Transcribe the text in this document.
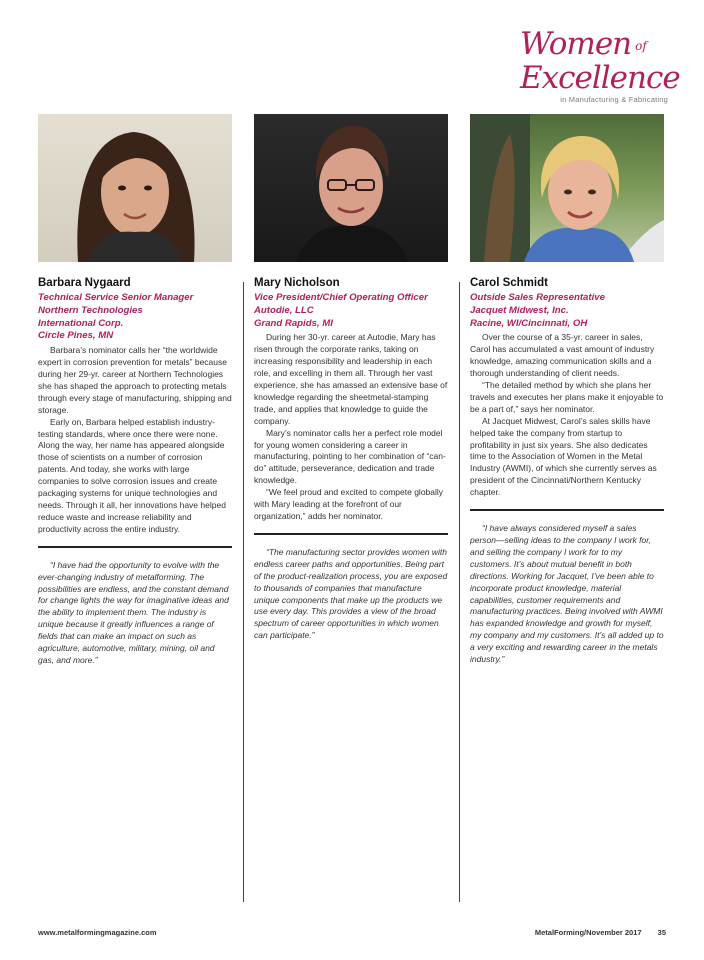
Women of
Excellence
in Manufacturing & Fabricating
Barbara Nygaard
Technical Service Senior Manager
Northern Technologies
International Corp.
Circle Pines, MN

Barbara’s nominator calls her “the worldwide expert in corrosion prevention for metals” because during her 29-yr. career at Northern Technologies she has shaped the approach to protecting metals through every stage of manufacturing, shipping and storage.

Early on, Barbara helped establish industry-testing standards, where once there were none. Along the way, her name has appeared alongside those of scientists on a number of corrosion patents. And today, she works with large companies to solve corrosion issues and create packaging systems for unique technologies and needs. Through it all, her innovations have helped reduce waste and increase reliability and productivity across the entire industry.

“I have had the opportunity to evolve with the ever-changing industry of metalforming. The possibilities are endless, and the constant demand for change lights the way for imaginative ideas and the ability to implement them. The industry is unique because it greatly influences a range of fields that can make an impact on such as agriculture, automotive, military, mining, oil and gas, and more.”

Mary Nicholson
Vice President/Chief Operating Officer
Autodie, LLC
Grand Rapids, MI

During her 30-yr. career at Autodie, Mary has risen through the corporate ranks, taking on increasing responsibility and leadership in each role, and excelling in them all. Through her vast experience, she has amassed an extensive base of knowledge regarding the sheetmetal-stamping trade, and applies that knowledge to guide the company.

Mary’s nominator calls her a perfect role model for young women considering a career in manufacturing, pointing to her combination of “can-do” attitude, perseverance, dedication and trade knowledge.

“We feel proud and excited to compete globally with Mary leading at the forefront of our organization,” adds her nominator.

“The manufacturing sector provides women with endless career paths and opportunities. Being part of the product-realization process, you are exposed to thousands of companies that manufacture unique components that make up the products we use every day. This provides a view of the broad spectrum of career opportunities in which women can participate.”

Carol Schmidt
Outside Sales Representative
Jacquet Midwest, Inc.
Racine, WI/Cincinnati, OH

Over the course of a 35-yr. career in sales, Carol has accumulated a vast amount of industry knowledge, amazing communication skills and a thorough understanding of client needs.

“The detailed method by which she plans her travels and executes her plans make it enjoyable to be a part of,” says her nominator.

At Jacquet Midwest, Carol’s sales skills have helped take the company from startup to profitability in just six years. She also dedicates time to the Association of Women in the Metal Industry (AWMI), of which she currently serves as president of the Cincinnati/Northern Kentucky chapter.

“I have always considered myself a sales person—selling ideas to the company I work for, and selling the company I work for to my customers. It’s about mutual benefit in both directions. Working for Jacquet, I’ve been able to incorporate product knowledge, material capabilities, customer requirements and manufacturing practices. Being involved with AWMI has expanded knowledge and growth for myself, my company and my customers. It’s all added up to a very exciting and rewarding career in the metals industry.”

www.metalformingmagazine.com	MetalForming/November 2017 35
